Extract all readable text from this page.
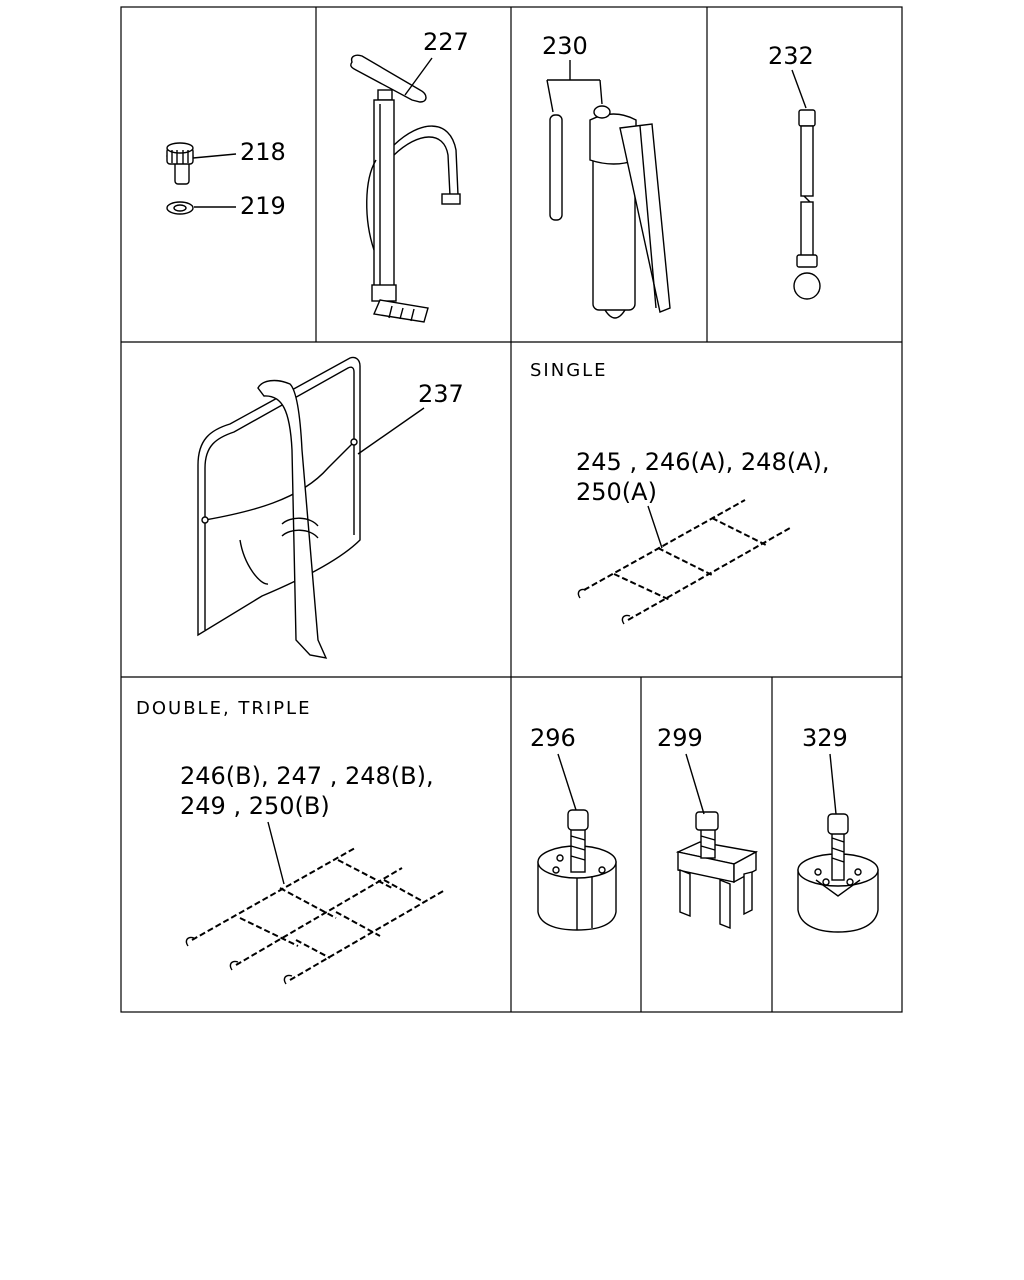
218
219
227	230	232
237
SINGLE
245 , 246(A), 248(A),
250(A)
DOUBLE, TRIPLE
246(B), 247 , 248(B),
249 , 250(B)
296	299	329
